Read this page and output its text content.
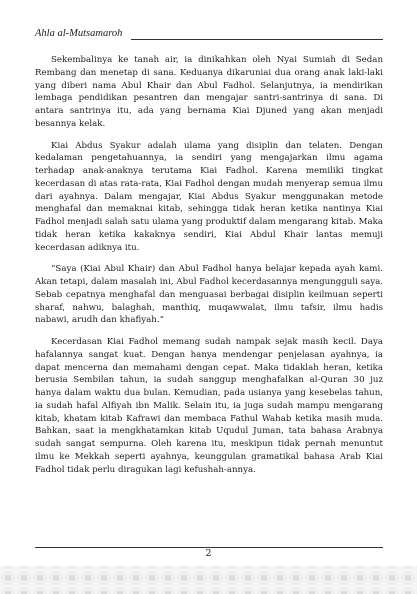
Ahla al-Mutsamaroh

Sekembalinya ke tanah air, ia dinikahkan oleh Nyai Sumiah di Sedan Rembang dan menetap di sana. Keduanya dikaruniai dua orang anak laki-laki yang diberi nama Abul Khair dan Abul Fadhol. Selanjutnya, ia mendirikan lembaga pendidikan pesantren dan mengajar santri-santrinya di sana. Di antara santrinya itu, ada yang bernama Kiai Djuned yang akan menjadi besannya kelak.

Kiai Abdus Syakur adalah ulama yang disiplin dan telaten. Dengan kedalaman pengetahuannya, ia sendiri yang mengajarkan ilmu agama terhadap anak-anaknya terutama Kiai Fadhol. Karena memiliki tingkat kecerdasan di atas rata-rata, Kiai Fadhol dengan mudah menyerap semua ilmu dari ayahnya. Dalam mengajar, Kiai Abdus Syakur menggunakan metode menghafal dan memaknai kitab, sehingga tidak heran ketika nantinya Kiai Fadhol menjadi salah satu ulama yang produktif dalam mengarang kitab. Maka tidak heran ketika kakaknya sendiri, Kiai Abdul Khair lantas memuji kecerdasan adiknya itu.

“Saya (Kiai Abul Khair) dan Abul Fadhol hanya belajar kepada ayah kami. Akan tetapi, dalam masalah ini, Abul Fadhol kecerdasannya mengungguli saya. Sebab cepatnya menghafal dan menguasai berbagai disiplin keilmuan seperti sharaf, nahwu, balaghah, manthiq, muqawwalat, ilmu tafsir, ilmu hadis nabawi, arudh dan khafiyah.”

Kecerdasan Kiai Fadhol memang sudah nampak sejak masih kecil. Daya hafalannya sangat kuat. Dengan hanya mendengar penjelasan ayahnya, ia dapat mencerna dan memahami dengan cepat. Maka tidaklah heran, ketika berusia Sembilan tahun, ia sudah sanggup menghafalkan al-Quran 30 juz hanya dalam waktu dua bulan. Kemudian, pada usianya yang kesebelas tahun, ia sudah hafal Alfiyah ibn Malik. Selain itu, ia juga sudah mampu mengarang kitab, khatam kitab Kafrawi dan membaca Fathul Wahab ketika masih muda. Bahkan, saat ia mengkhatamkan kitab Uqudul Juman, tata bahasa Arabnya sudah sangat sempurna. Oleh karena itu, meskipun tidak pernah menuntut ilmu ke Mekkah seperti ayahnya, keunggulan gramatikal bahasa Arab Kiai Fadhol tidak perlu diragukan lagi kefushah-annya.

2
